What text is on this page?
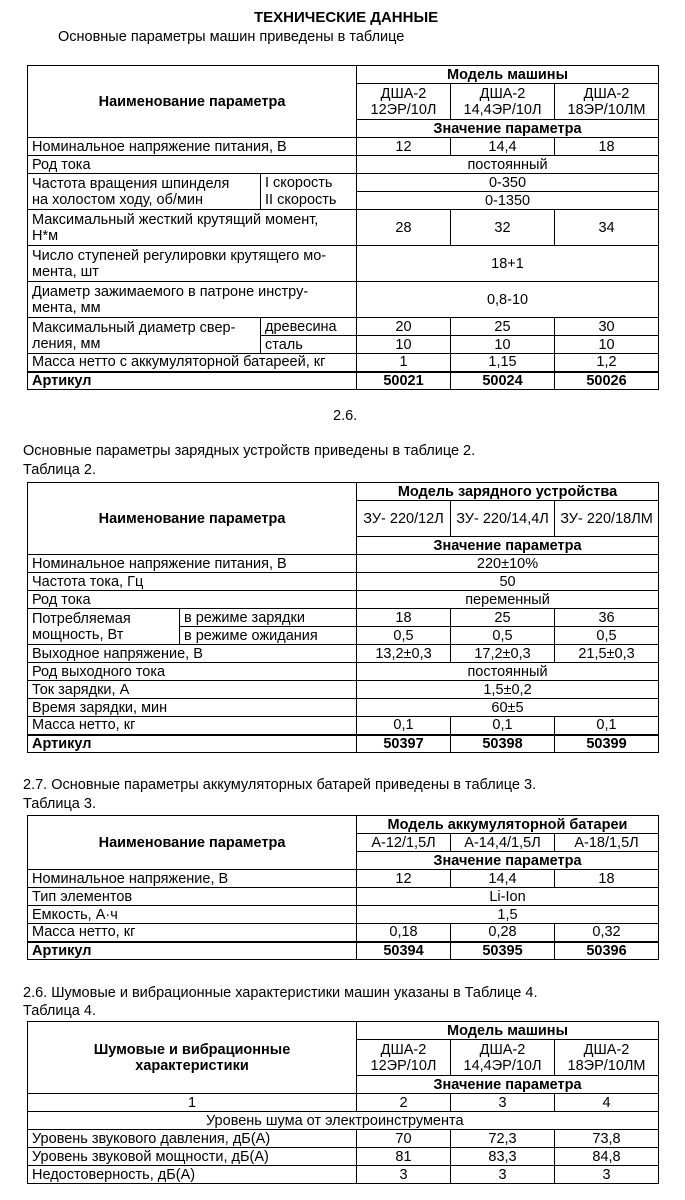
ТЕХНИЧЕСКИЕ ДАННЫЕ
Основные параметры машин приведены в таблице
Наименование параметра		Модель машины		
		ДША-2 12ЭР/10Л	ДША-2 14,4ЭР/10Л	ДША-2 18ЭР/10ЛМ
		Значение параметра		
Номинальное напряжение питания, В		12	14,4	18
Род тока		постоянный		
Частота вращения шпинделя
на холостом ходу, об/мин	I скорость	0-350		
	II скорость	0-1350		
Максимальный жесткий крутящий момент,
Н*м		28	32	34
Число ступеней регулировки крутящего мо-
мента, шт		18+1		
Диаметр зажимаемого в патроне инстру-
мента, мм		0,8-10		
Максимальный диаметр свер-
ления, мм	древесина	20	25	30
	сталь	10	10	10
Масса нетто с аккумуляторной батареей, кг		1	1,15	1,2
Артикул		50021	50024	50026
2.6.
Основные параметры зарядных устройств приведены в таблице 2.
Таблица 2.
Наименование параметра		Модель зарядного устройства		
		ЗУ- 220/12Л	ЗУ- 220/14,4Л	ЗУ- 220/18ЛМ
		Значение параметра		
Номинальное напряжение питания, В		220±10%		
Частота тока, Гц		50		
Род тока		переменный		
Потребляемая
мощность, Вт	в режиме зарядки	18	25	36
	в режиме ожидания	0,5	0,5	0,5
Выходное напряжение, В		13,2±0,3	17,2±0,3	21,5±0,3
Род выходного тока		постоянный		
Ток зарядки, А		1,5±0,2		
Время зарядки, мин		60±5		
Масса нетто, кг		0,1	0,1	0,1
Артикул		50397	50398	50399
2.7. Основные параметры аккумуляторных батарей приведены в таблице 3.
Таблица 3.
Наименование параметра	Модель аккумуляторной батареи		
	А-12/1,5Л	А-14,4/1,5Л	А-18/1,5Л
	Значение параметра		
Номинальное напряжение, В	12	14,4	18
Тип элементов	Li-Ion		
Емкость, А·ч	1,5		
Масса нетто, кг	0,18	0,28	0,32
Артикул	50394	50395	50396
2.6. Шумовые и вибрационные характеристики машин указаны в Таблице 4.
Таблица 4.
Шумовые и вибрационные
характеристики	Модель машины		
	ДША-2 12ЭР/10Л	ДША-2 14,4ЭР/10Л	ДША-2 18ЭР/10ЛМ
	Значение параметра		
1	2	3	4
Уровень шума от электроинструмента			
Уровень звукового давления, дБ(А)	70	72,3	73,8
Уровень звуковой мощности, дБ(А)	81	83,3	84,8
Недостоверность, дБ(А)	3	3	3
